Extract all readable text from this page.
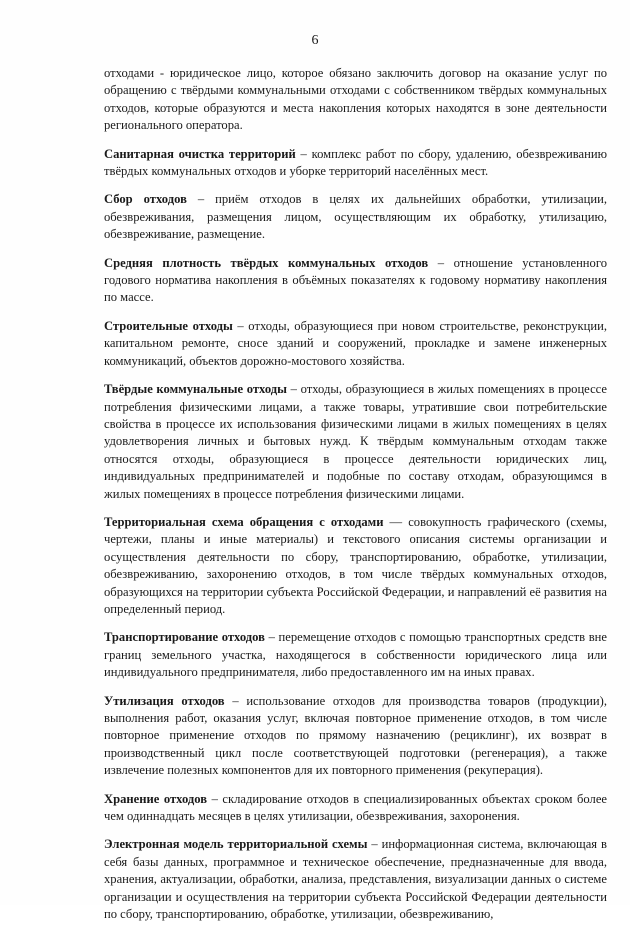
6

отходами - юридическое лицо, которое обязано заключить договор на оказание услуг по обращению с твёрдыми коммунальными отходами с собственником твёрдых коммунальных отходов, которые образуются и места накопления которых находятся в зоне деятельности регионального оператора.

Санитарная очистка территорий – комплекс работ по сбору, удалению, обезвреживанию твёрдых коммунальных отходов и уборке территорий населённых мест.

Сбор отходов – приём отходов в целях их дальнейших обработки, утилизации, обезвреживания, размещения лицом, осуществляющим их обработку, утилизацию, обезвреживание, размещение.

Средняя плотность твёрдых коммунальных отходов – отношение установленного годового норматива накопления в объёмных показателях к годовому нормативу накопления по массе.

Строительные отходы – отходы, образующиеся при новом строительстве, реконструкции, капитальном ремонте, сносе зданий и сооружений, прокладке и замене инженерных коммуникаций, объектов дорожно-мостового хозяйства.

Твёрдые коммунальные отходы – отходы, образующиеся в жилых помещениях в процессе потребления физическими лицами, а также товары, утратившие свои потребительские свойства в процессе их использования физическими лицами в жилых помещениях в целях удовлетворения личных и бытовых нужд. К твёрдым коммунальным отходам также относятся отходы, образующиеся в процессе деятельности юридических лиц, индивидуальных предпринимателей и подобные по составу отходам, образующимся в жилых помещениях в процессе потребления физическими лицами.

Территориальная схема обращения с отходами — совокупность графического (схемы, чертежи, планы и иные материалы) и текстового описания системы организации и осуществления деятельности по сбору, транспортированию, обработке, утилизации, обезвреживанию, захоронению отходов, в том числе твёрдых коммунальных отходов, образующихся на территории субъекта Российской Федерации, и направлений её развития на определенный период.

Транспортирование отходов – перемещение отходов с помощью транспортных средств вне границ земельного участка, находящегося в собственности юридического лица или индивидуального предпринимателя, либо предоставленного им на иных правах.

Утилизация отходов – использование отходов для производства товаров (продукции), выполнения работ, оказания услуг, включая повторное применение отходов, в том числе повторное применение отходов по прямому назначению (рециклинг), их возврат в производственный цикл после соответствующей подготовки (регенерация), а также извлечение полезных компонентов для их повторного применения (рекуперация).

Хранение отходов – складирование отходов в специализированных объектах сроком более чем одиннадцать месяцев в целях утилизации, обезвреживания, захоронения.

Электронная модель территориальной схемы – информационная система, включающая в себя базы данных, программное и техническое обеспечение, предназначенные для ввода, хранения, актуализации, обработки, анализа, представления, визуализации данных о системе организации и осуществления на территории субъекта Российской Федерации деятельности по сбору, транспортированию, обработке, утилизации, обезвреживанию,
